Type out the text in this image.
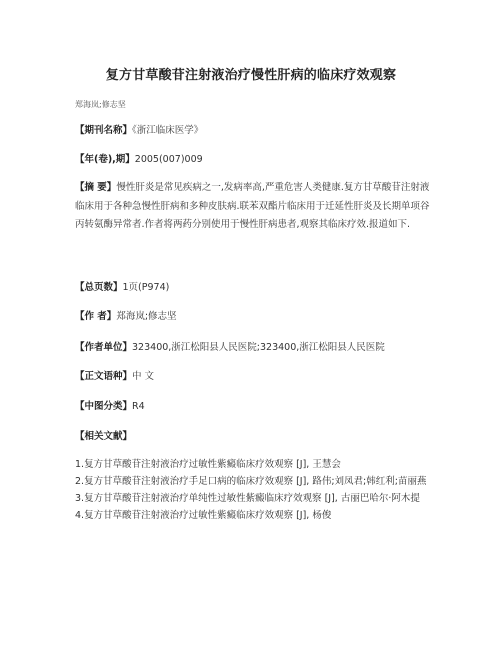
复方甘草酸苷注射液治疗慢性肝病的临床疗效观察
郑海岚;修志坚
【期刊名称】《浙江临床医学》
【年(卷),期】2005(007)009
【摘 要】慢性肝炎是常见疾病之一,发病率高,严重危害人类健康.复方甘草酸苷注射液临床用于各种急慢性肝病和多种皮肤病.联苯双酯片临床用于迁延性肝炎及长期单项谷丙转氨酶异常者.作者将两药分别使用于慢性肝病患者,观察其临床疗效.报道如下.
【总页数】1页(P974)
【作 者】郑海岚;修志坚
【作者单位】323400,浙江松阳县人民医院;323400,浙江松阳县人民医院
【正文语种】中 文
【中图分类】R4
【相关文献】
1.复方甘草酸苷注射液治疗过敏性紫癜临床疗效观察 [J], 王慧会
2.复方甘草酸苷注射液治疗手足口病的临床疗效观察 [J], 路伟;刘凤君;韩红利;苗丽燕
3.复方甘草酸苷注射液治疗单纯性过敏性紫癜临床疗效观察 [J], 古丽巴哈尔·阿木提
4.复方甘草酸苷注射液治疗过敏性紫癜临床疗效观察 [J], 杨俊
